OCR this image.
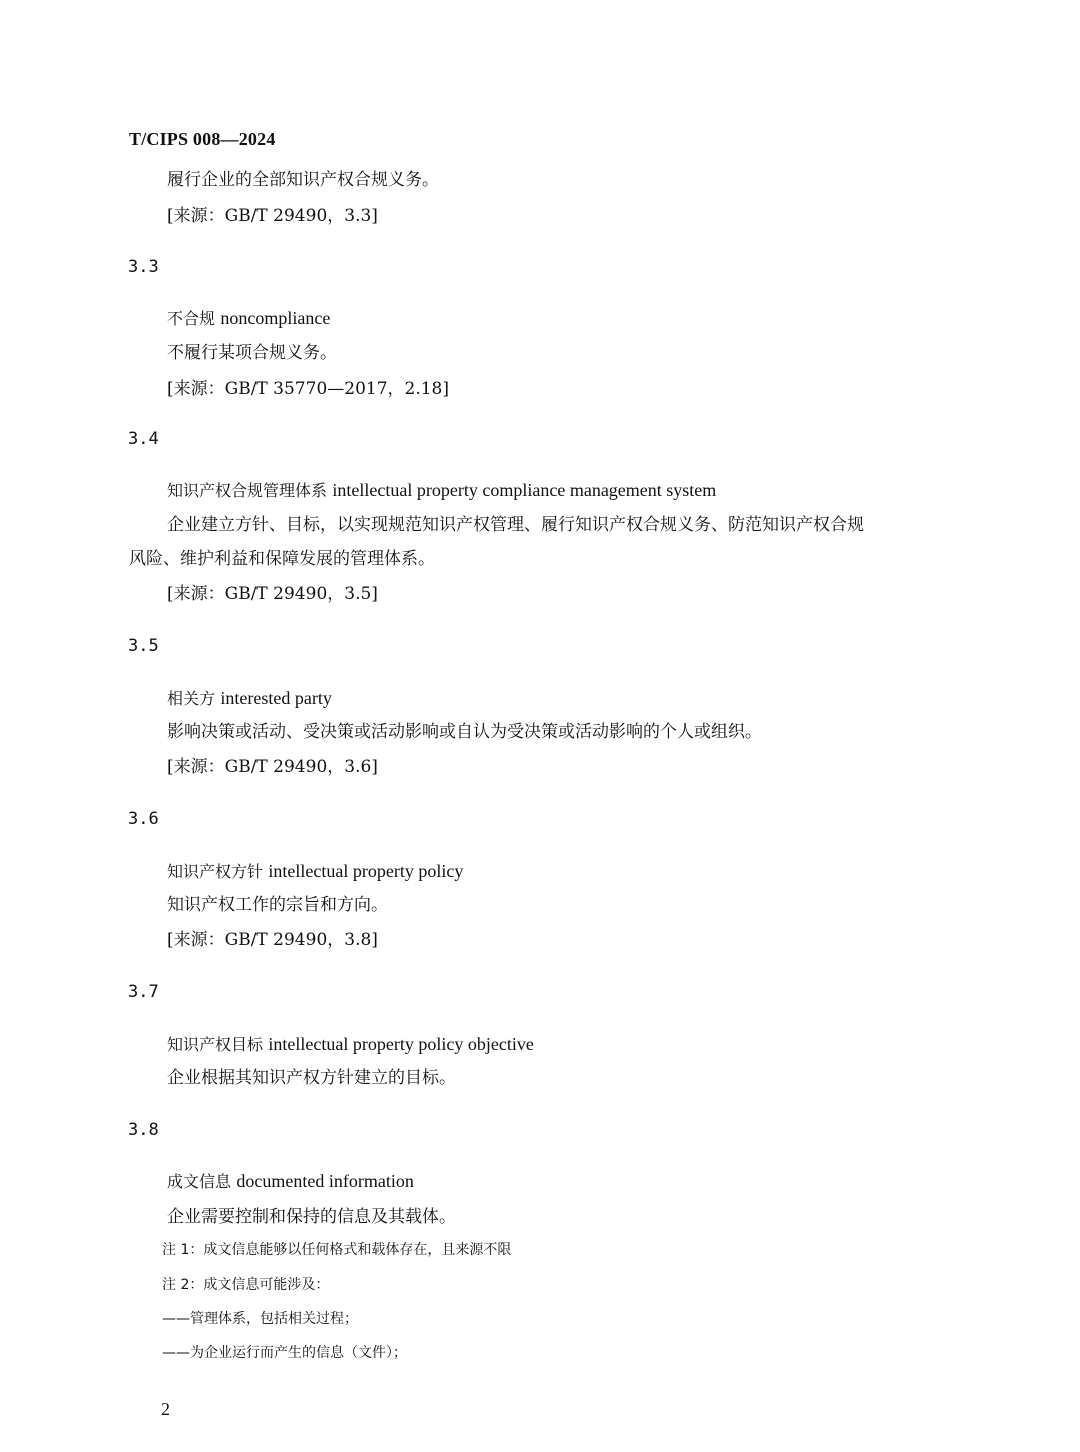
T/CIPS 008—2024
履行企业的全部知识产权合规义务。
[来源：GB/T 29490，3.3]
3.3
不合规 noncompliance
不履行某项合规义务。
[来源：GB/T 35770—2017，2.18]
3.4
知识产权合规管理体系 intellectual property compliance management system
企业建立方针、目标，以实现规范知识产权管理、履行知识产权合规义务、防范知识产权合规
风险、维护利益和保障发展的管理体系。
[来源：GB/T 29490，3.5]
3.5
相关方 interested party
影响决策或活动、受决策或活动影响或自认为受决策或活动影响的个人或组织。
[来源：GB/T 29490，3.6]
3.6
知识产权方针 intellectual property policy
知识产权工作的宗旨和方向。
[来源：GB/T 29490，3.8]
3.7
知识产权目标 intellectual property policy objective
企业根据其知识产权方针建立的目标。
3.8
成文信息 documented information
企业需要控制和保持的信息及其载体。
注 1：成文信息能够以任何格式和载体存在，且来源不限
注 2：成文信息可能涉及：
——管理体系，包括相关过程；
——为企业运行而产生的信息（文件）；
2
